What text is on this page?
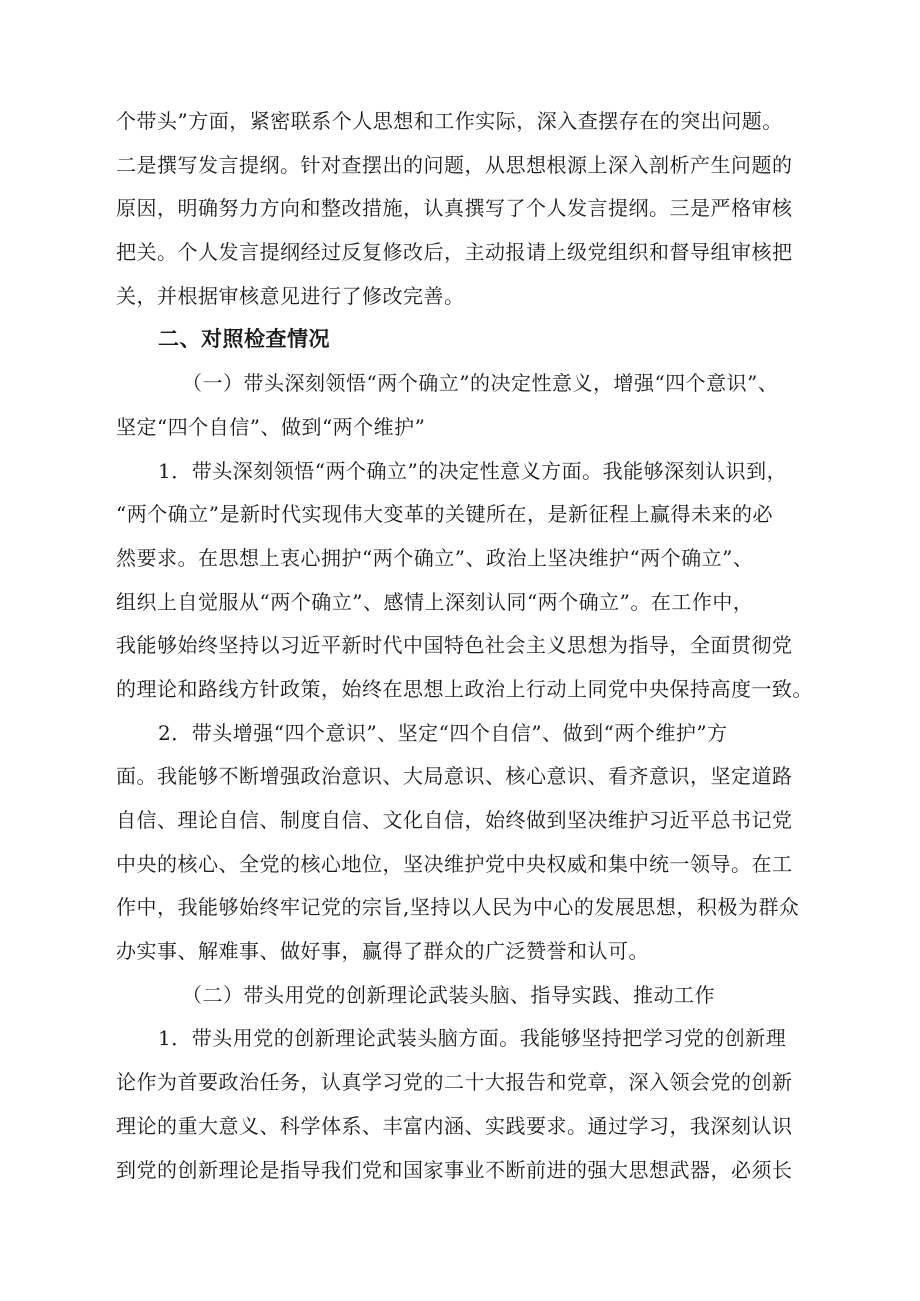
个带头”方面，紧密联系个人思想和工作实际，深入查摆存在的突出问题。
二是撰写发言提纲。针对查摆出的问题，从思想根源上深入剖析产生问题的
原因，明确努力方向和整改措施，认真撰写了个人发言提纲。三是严格审核
把关。个人发言提纲经过反复修改后，主动报请上级党组织和督导组审核把
关，并根据审核意见进行了修改完善。
二、对照检查情况
（一）带头深刻领悟“两个确立”的决定性意义，增强“四个意识”、
坚定“四个自信”、做到“两个维护”
1．带头深刻领悟“两个确立”的决定性意义方面。我能够深刻认识到，
“两个确立”是新时代实现伟大变革的关键所在，是新征程上赢得未来的必
然要求。在思想上衷心拥护“两个确立”、政治上坚决维护“两个确立”、
组织上自觉服从“两个确立”、感情上深刻认同“两个确立”。在工作中，
我能够始终坚持以习近平新时代中国特色社会主义思想为指导，全面贯彻党
的理论和路线方针政策，始终在思想上政治上行动上同党中央保持高度一致。
2．带头增强“四个意识”、坚定“四个自信”、做到“两个维护”方
面。我能够不断增强政治意识、大局意识、核心意识、看齐意识，坚定道路
自信、理论自信、制度自信、文化自信，始终做到坚决维护习近平总书记党
中央的核心、全党的核心地位，坚决维护党中央权威和集中统一领导。在工
作中，我能够始终牢记党的宗旨,坚持以人民为中心的发展思想，积极为群众
办实事、解难事、做好事，赢得了群众的广泛赞誉和认可。
（二）带头用党的创新理论武装头脑、指导实践、推动工作
1．带头用党的创新理论武装头脑方面。我能够坚持把学习党的创新理
论作为首要政治任务，认真学习党的二十大报告和党章，深入领会党的创新
理论的重大意义、科学体系、丰富内涵、实践要求。通过学习，我深刻认识
到党的创新理论是指导我们党和国家事业不断前进的强大思想武器，必须长
